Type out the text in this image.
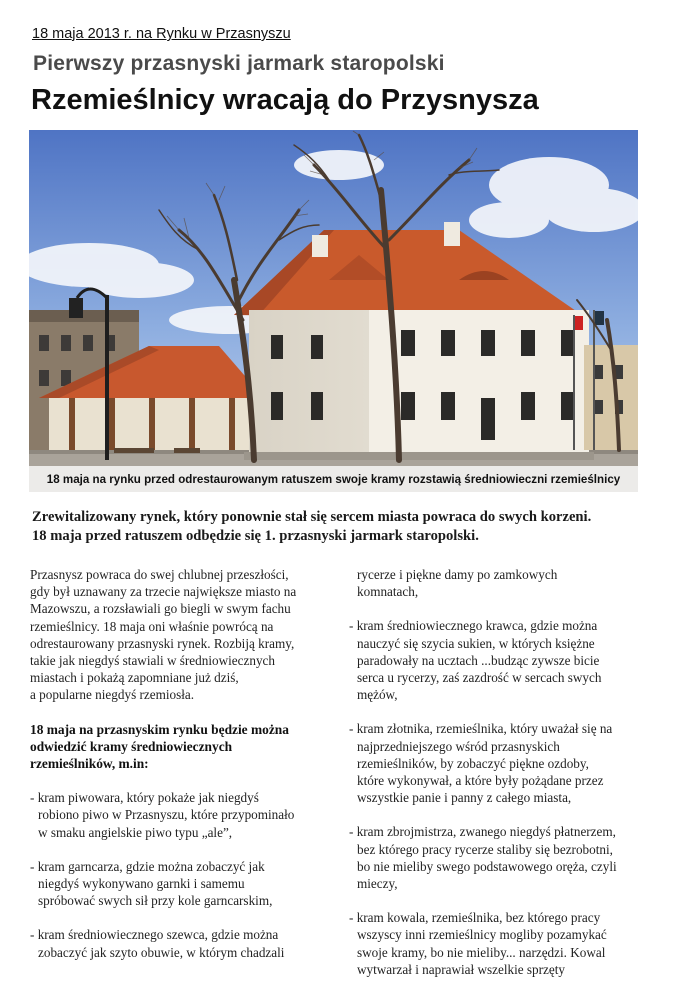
18 maja 2013 r. na Rynku w Przasnyszu
Pierwszy przasnyski jarmark staropolski
Rzemieślnicy wracają do Przysnysza
18 maja na rynku przed odrestaurowanym ratuszem swoje kramy rozstawią średniowieczni rzemieślnicy
Zrewitalizowany rynek, który ponownie stał się sercem miasta powraca do swych korzeni.
18 maja przed ratuszem odbędzie się 1. przasnyski jarmark staropolski.

Przasnysz powraca do swej chlubnej przeszłości,
gdy był uznawany za trzecie największe miasto na
Mazowszu, a rozsławiali go biegli w swym fachu
rzemieślnicy. 18 maja oni właśnie powrócą na
odrestaurowany przasnyski rynek. Rozbiją kramy,
takie jak niegdyś stawiali w średniowiecznych
miastach i pokażą zapomniane już dziś,
a popularne niegdyś rzemiosła.

18 maja na przasnyskim rynku będzie można
odwiedzić kramy średniowiecznych
rzemieślników, m.in:

- kram piwowara, który pokaże jak niegdyś
robiono piwo w Przasnyszu, które przypominało
w smaku angielskie piwo typu „ale”,

- kram garncarza, gdzie można zobaczyć jak
niegdyś wykonywano garnki i samemu
spróbować swych sił przy kole garncarskim,

- kram średniowiecznego szewca, gdzie można
zobaczyć jak szyto obuwie, w którym chadzali

rycerze i piękne damy po zamkowych
komnatach,

- kram średniowiecznego krawca, gdzie można
nauczyć się szycia sukien, w których księżne
paradowały na ucztach ...budząc zywsze bicie
serca u rycerzy, zaś zazdrość w sercach swych
mężów,

- kram złotnika, rzemieślnika, który uważał się na
najprzedniejszego wśród przasnyskich
rzemieślników, by zobaczyć piękne ozdoby,
które wykonywał, a które były pożądane przez
wszystkie panie i panny z całego miasta,

- kram zbrojmistrza, zwanego niegdyś płatnerzem,
bez którego pracy rycerze staliby się bezrobotni,
bo nie mieliby swego podstawowego oręża, czyli
mieczy,

- kram kowala, rzemieślnika, bez którego pracy
wszyscy inni rzemieślnicy mogliby pozamykać
swoje kramy, bo nie mieliby... narzędzi. Kowal
wytwarzał i naprawiał wszelkie sprzęty
